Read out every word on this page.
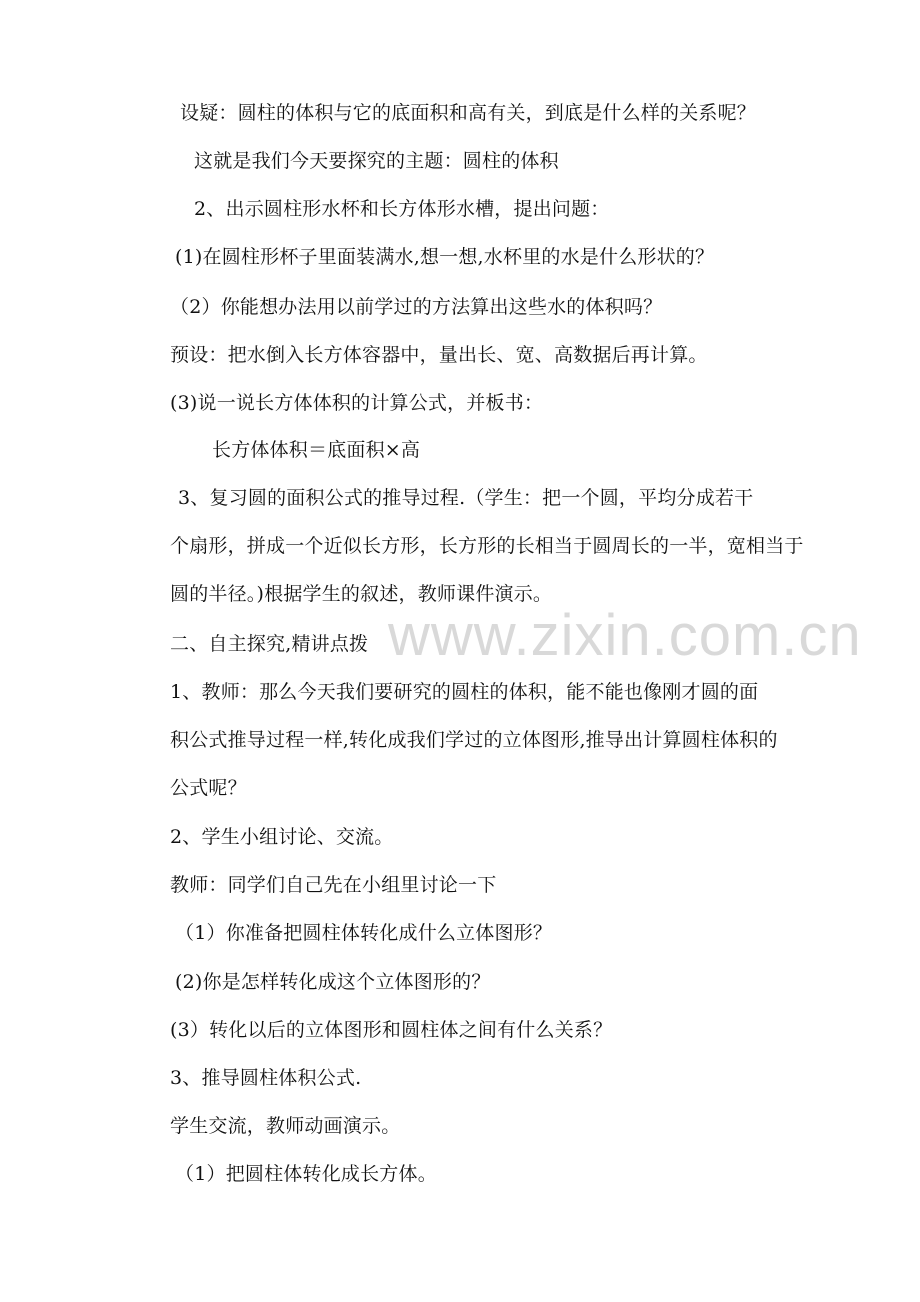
www.zixin.com.cn
设疑：圆柱的体积与它的底面积和高有关，到底是什么样的关系呢？
这就是我们今天要探究的主题：圆柱的体积
2、出示圆柱形水杯和长方体形水槽，提出问题：
(1)在圆柱形杯子里面装满水,想一想,水杯里的水是什么形状的？
（2）你能想办法用以前学过的方法算出这些水的体积吗？
预设：把水倒入长方体容器中，量出长、宽、高数据后再计算。
(3)说一说长方体体积的计算公式，并板书：
长方体体积＝底面积×高
3、复习圆的面积公式的推导过程.（学生：把一个圆，平均分成若干
个扇形，拼成一个近似长方形，长方形的长相当于圆周长的一半，宽相当于
圆的半径。)根据学生的叙述，教师课件演示。
二、自主探究,精讲点拨
1、教师：那么今天我们要研究的圆柱的体积，能不能也像刚才圆的面
积公式推导过程一样,转化成我们学过的立体图形,推导出计算圆柱体积的
公式呢？
2、学生小组讨论、交流。
教师：同学们自己先在小组里讨论一下
（1）你准备把圆柱体转化成什么立体图形？
(2)你是怎样转化成这个立体图形的？
(3）转化以后的立体图形和圆柱体之间有什么关系？
3、推导圆柱体积公式.
学生交流，教师动画演示。
（1）把圆柱体转化成长方体。
